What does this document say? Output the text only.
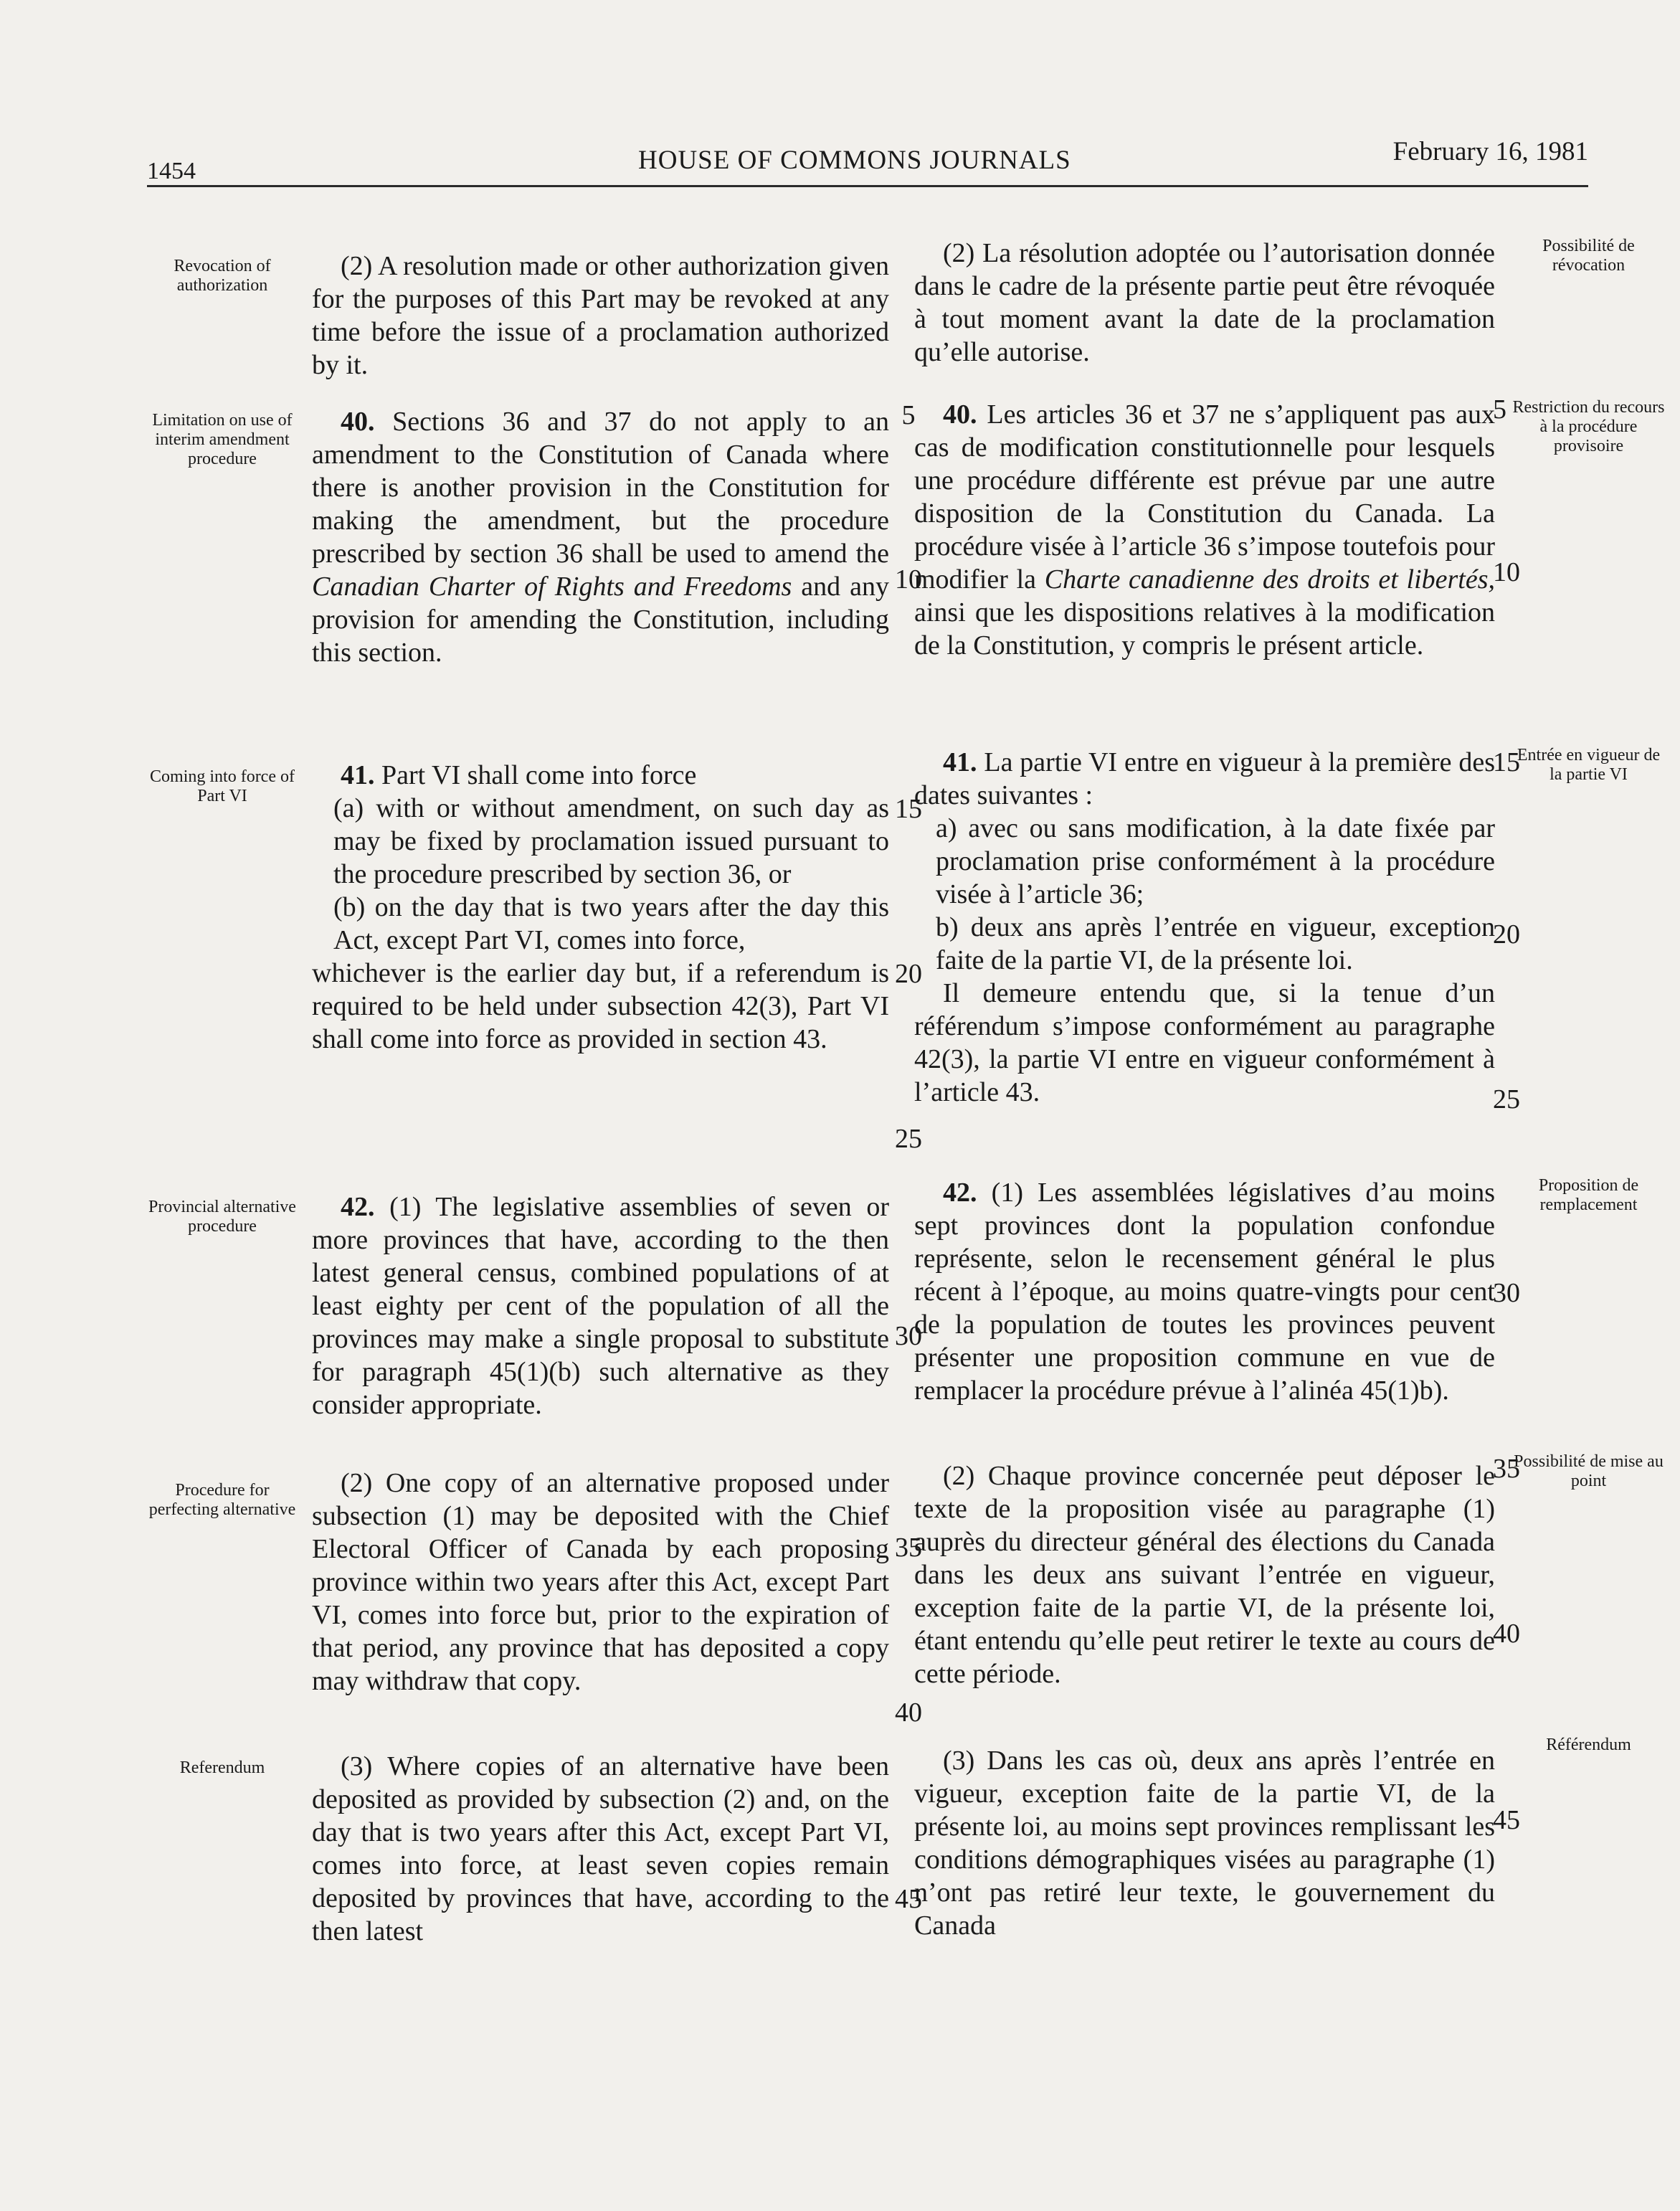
1454	HOUSE OF COMMONS JOURNALS	February 16, 1981
Revocation of authorization
Possibilité de révocation

(2) A resolution made or other authorization given for the purposes of this Part may be revoked at any time before the issue of a proclamation authorized by it.

(2) La résolution adoptée ou l’autorisation donnée dans le cadre de la présente partie peut être révoquée à tout moment avant la date de la proclamation qu’elle autorise.

Limitation on use of interim amendment procedure
Restriction du recours à la procédure provisoire

40. Sections 36 and 37 do not apply to an amendment to the Constitution of Canada where there is another provision in the Constitution for making the amendment, but the procedure prescribed by section 36 shall be used to amend the Canadian Charter of Rights and Freedoms and any provision for amending the Constitution, including this section.

40. Les articles 36 et 37 ne s’appliquent pas aux cas de modification constitutionnelle pour lesquels une procédure différente est prévue par une autre disposition de la Constitution du Canada. La procédure visée à l’article 36 s’impose toutefois pour modifier la Charte canadienne des droits et libertés, ainsi que les dispositions relatives à la modification de la Constitution, y compris le présent article.

Coming into force of Part VI
Entrée en vigueur de la partie VI

41. Part VI shall come into force

(a) with or without amendment, on such day as may be fixed by proclamation issued pursuant to the procedure prescribed by section 36, or

(b) on the day that is two years after the day this Act, except Part VI, comes into force,

whichever is the earlier day but, if a referendum is required to be held under subsection 42(3), Part VI shall come into force as provided in section 43.

41. La partie VI entre en vigueur à la première des dates suivantes :

a) avec ou sans modification, à la date fixée par proclamation prise conformément à la procédure visée à l’article 36;

b) deux ans après l’entrée en vigueur, exception faite de la partie VI, de la présente loi.

Il demeure entendu que, si la tenue d’un référendum s’impose conformément au paragraphe 42(3), la partie VI entre en vigueur conformément à l’article 43.

Provincial alternative procedure
Proposition de remplacement

42. (1) The legislative assemblies of seven or more provinces that have, according to the then latest general census, combined populations of at least eighty per cent of the population of all the provinces may make a single proposal to substitute for paragraph 45(1)(b) such alternative as they consider appropriate.

42. (1) Les assemblées législatives d’au moins sept provinces dont la population confondue représente, selon le recensement général le plus récent à l’époque, au moins quatre-vingts pour cent de la population de toutes les provinces peuvent présenter une proposition commune en vue de remplacer la procédure prévue à l’alinéa 45(1)b).

Procedure for perfecting alternative
Possibilité de mise au point

(2) One copy of an alternative proposed under subsection (1) may be deposited with the Chief Electoral Officer of Canada by each proposing province within two years after this Act, except Part VI, comes into force but, prior to the expiration of that period, any province that has deposited a copy may withdraw that copy.

(2) Chaque province concernée peut déposer le texte de la proposition visée au paragraphe (1) auprès du directeur général des élections du Canada dans les deux ans suivant l’entrée en vigueur, exception faite de la partie VI, de la présente loi, étant entendu qu’elle peut retirer le texte au cours de cette période.

Referendum
Référendum

(3) Where copies of an alternative have been deposited as provided by subsection (2) and, on the day that is two years after this Act, except Part VI, comes into force, at least seven copies remain deposited by provinces that have, according to the then latest

(3) Dans les cas où, deux ans après l’entrée en vigueur, exception faite de la partie VI, de la présente loi, au moins sept provinces remplissant les conditions démographiques visées au paragraphe (1) n’ont pas retiré leur texte, le gouvernement du Canada

5
10
15
20
25
30
35
40
45
5
10
15
20
25
30
35
40
45
